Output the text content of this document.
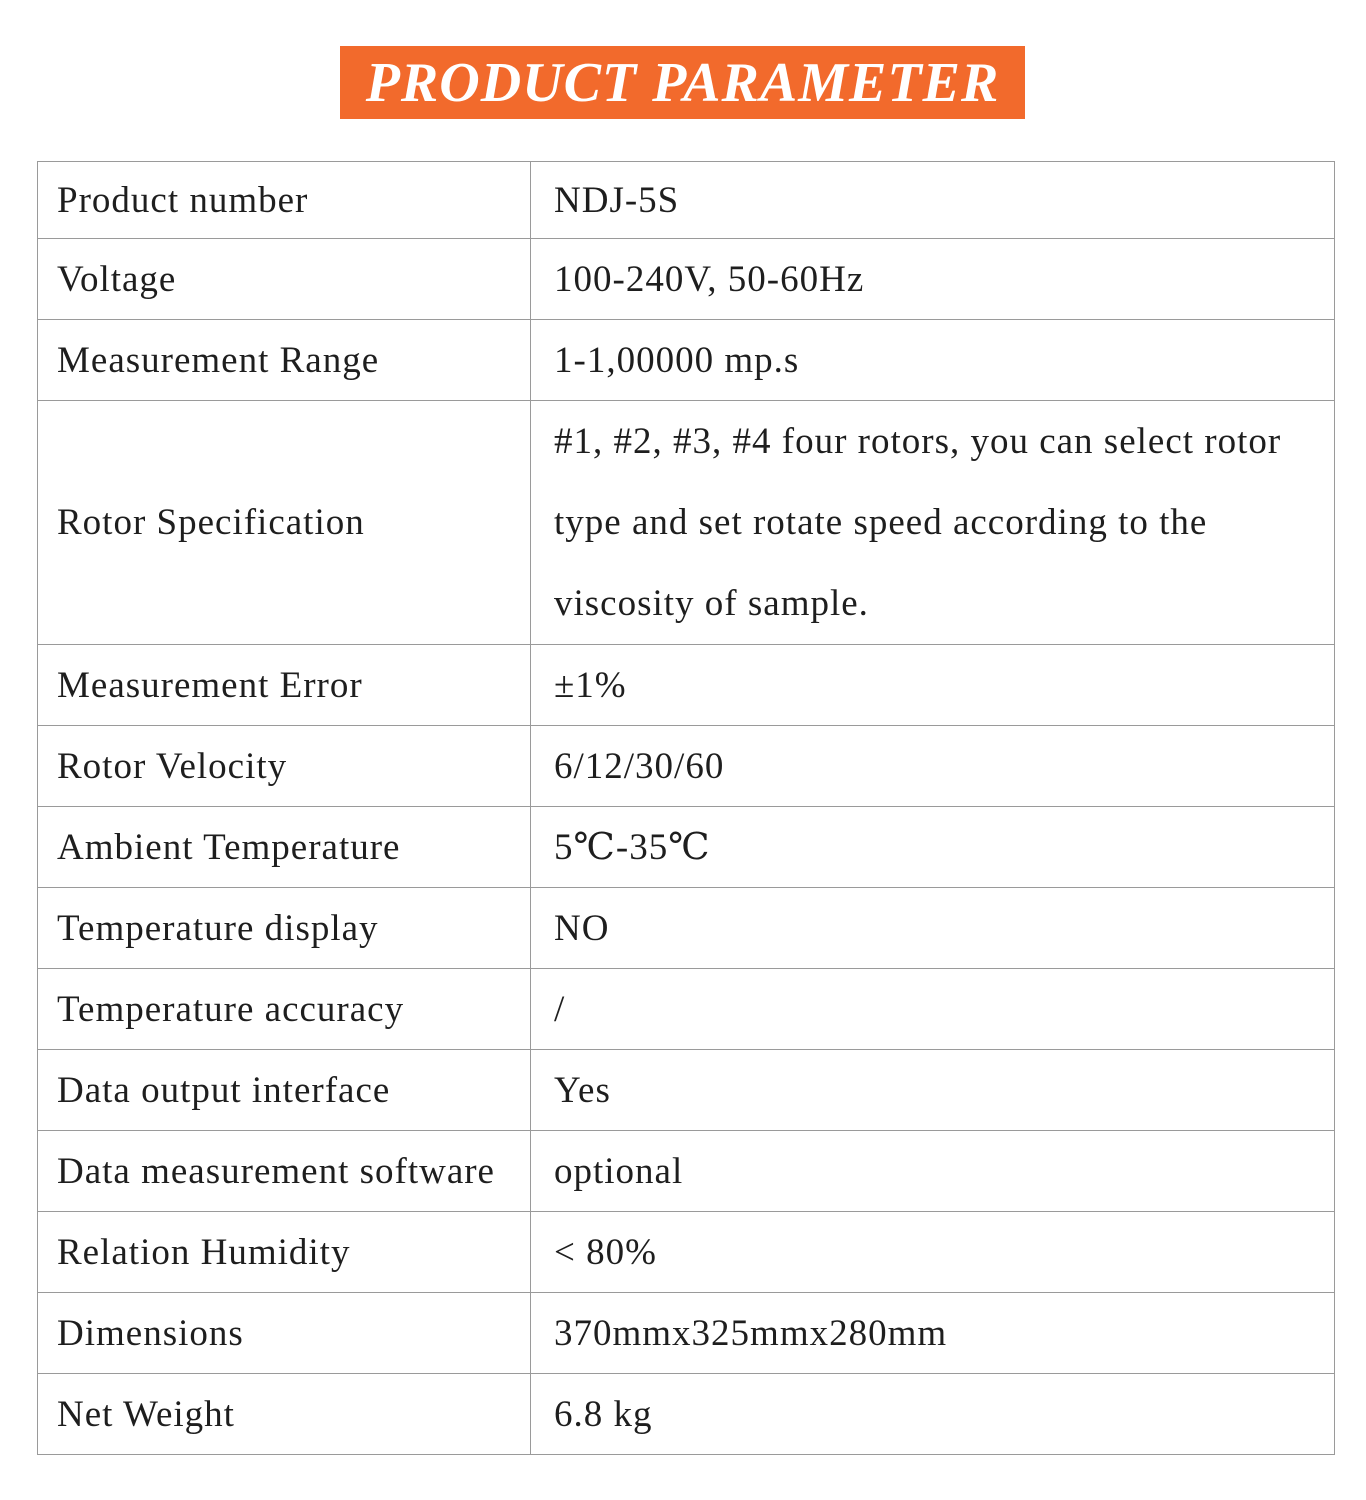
PRODUCT PARAMETER
Product number	NDJ-5S
Voltage	100-240V, 50-60Hz
Measurement Range	1-1,00000 mp.s
Rotor Specification	#1, #2, #3, #4 four rotors, you can select rotor type and set rotate speed according to the viscosity of sample.
Measurement Error	±1%
Rotor Velocity	6/12/30/60
Ambient Temperature	5℃-35℃
Temperature display	NO
Temperature accuracy	/
Data output interface	Yes
Data measurement software	optional
Relation Humidity	< 80%
Dimensions	370mmx325mmx280mm
Net Weight	6.8 kg
